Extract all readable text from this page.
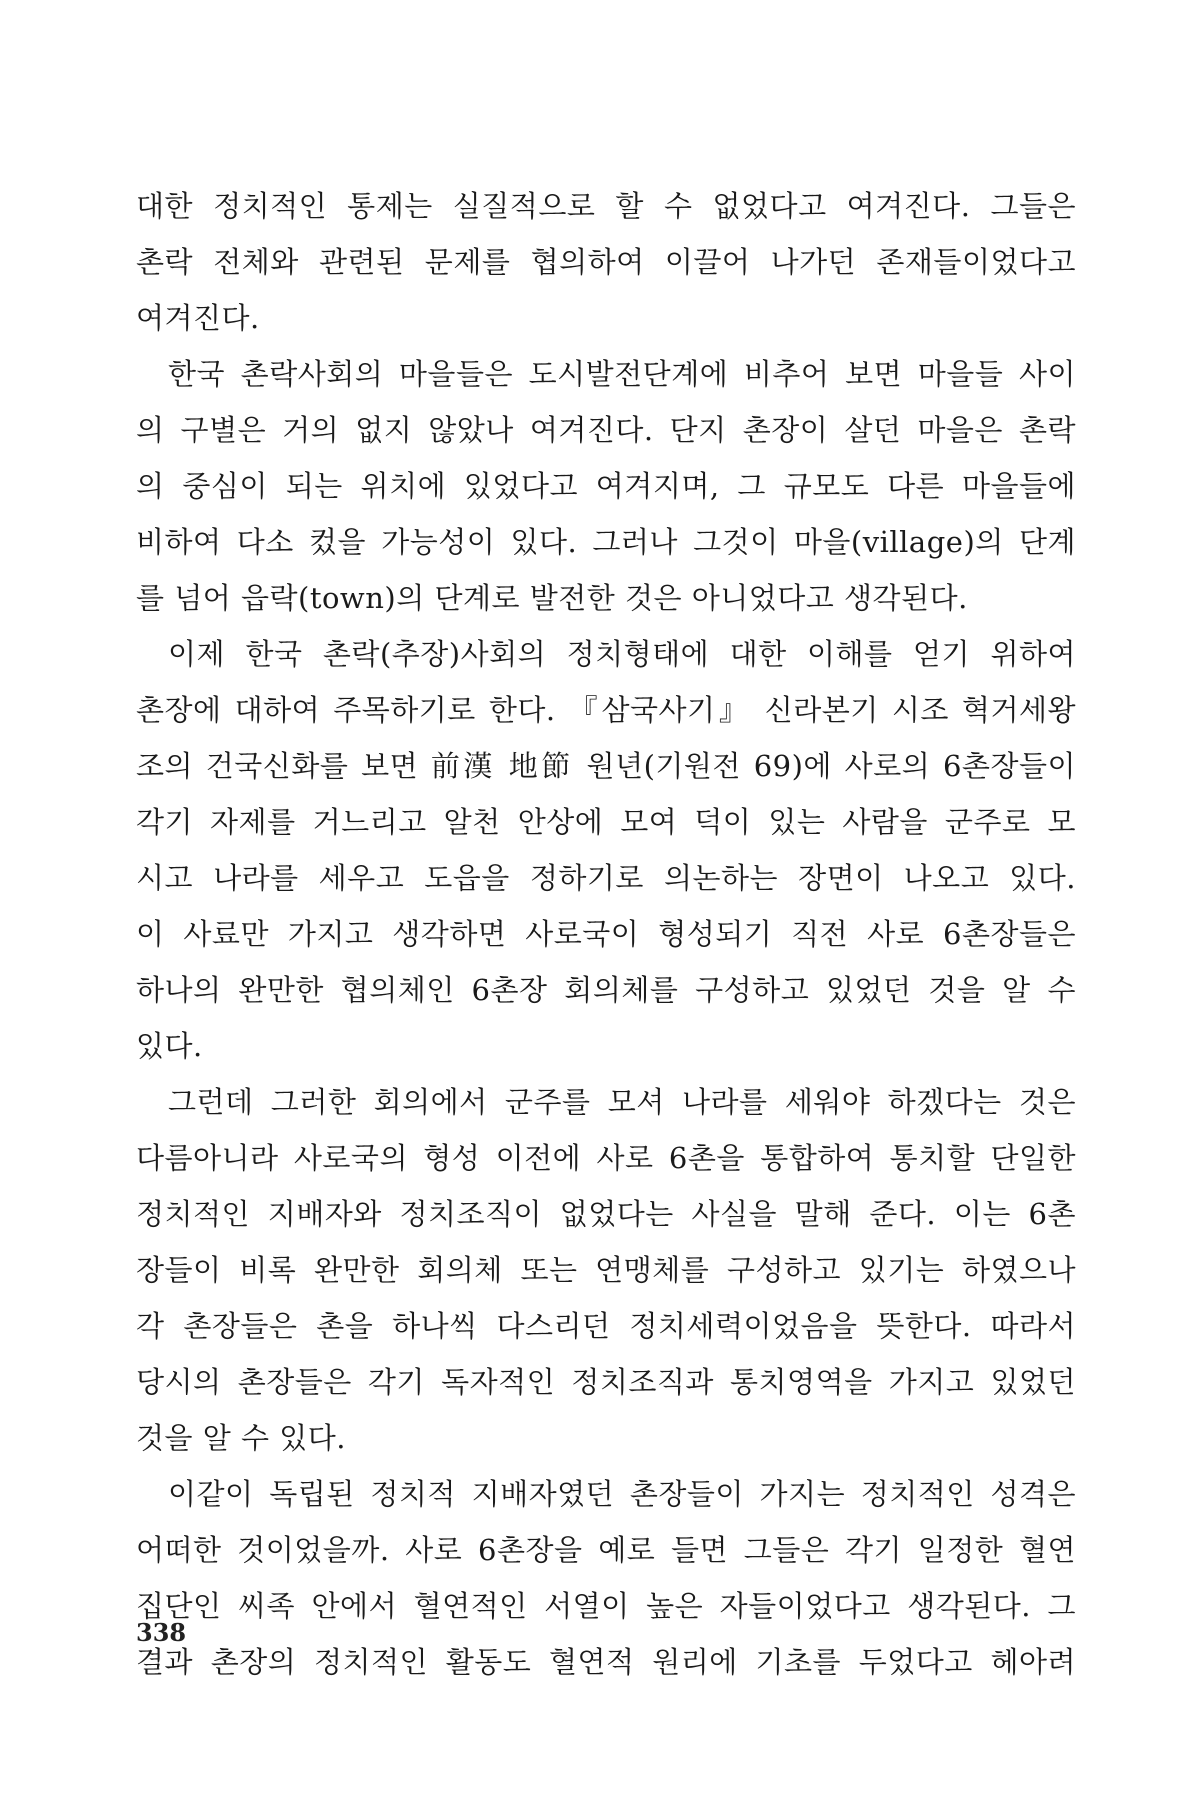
대한 정치적인 통제는 실질적으로 할 수 없었다고 여겨진다. 그들은
촌락 전체와 관련된 문제를 협의하여 이끌어 나가던 존재들이었다고
여겨진다.
한국 촌락사회의 마을들은 도시발전단계에 비추어 보면 마을들 사이
의 구별은 거의 없지 않았나 여겨진다. 단지 촌장이 살던 마을은 촌락
의 중심이 되는 위치에 있었다고 여겨지며, 그 규모도 다른 마을들에
비하여 다소 컸을 가능성이 있다. 그러나 그것이 마을(village)의 단계
를 넘어 읍락(town)의 단계로 발전한 것은 아니었다고 생각된다.
이제 한국 촌락(추장)사회의 정치형태에 대한 이해를 얻기 위하여
촌장에 대하여 주목하기로 한다. 『삼국사기』 신라본기 시조 혁거세왕
조의 건국신화를 보면 前漢 地節 원년(기원전 69)에 사로의 6촌장들이
각기 자제를 거느리고 알천 안상에 모여 덕이 있는 사람을 군주로 모
시고 나라를 세우고 도읍을 정하기로 의논하는 장면이 나오고 있다.
이 사료만 가지고 생각하면 사로국이 형성되기 직전 사로 6촌장들은
하나의 완만한 협의체인 6촌장 회의체를 구성하고 있었던 것을 알 수
있다.
그런데 그러한 회의에서 군주를 모셔 나라를 세워야 하겠다는 것은
다름아니라 사로국의 형성 이전에 사로 6촌을 통합하여 통치할 단일한
정치적인 지배자와 정치조직이 없었다는 사실을 말해 준다. 이는 6촌
장들이 비록 완만한 회의체 또는 연맹체를 구성하고 있기는 하였으나
각 촌장들은 촌을 하나씩 다스리던 정치세력이었음을 뜻한다. 따라서
당시의 촌장들은 각기 독자적인 정치조직과 통치영역을 가지고 있었던
것을 알 수 있다.
이같이 독립된 정치적 지배자였던 촌장들이 가지는 정치적인 성격은
어떠한 것이었을까. 사로 6촌장을 예로 들면 그들은 각기 일정한 혈연
집단인 씨족 안에서 혈연적인 서열이 높은 자들이었다고 생각된다. 그
결과 촌장의 정치적인 활동도 혈연적 원리에 기초를 두었다고 헤아려
338
